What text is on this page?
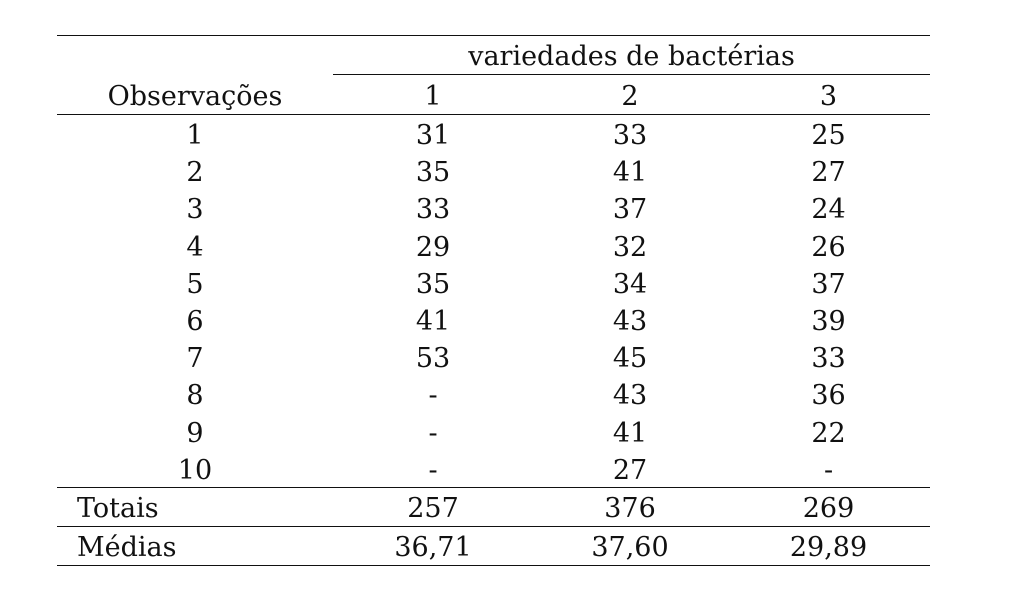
variedades de bactérias
Observações	1	2	3
1	31	33	25
2	35	41	27
3	33	37	24
4	29	32	26
5	35	34	37
6	41	43	39
7	53	45	33
8	-	43	36
9	-	41	22
10	-	27	-
Totais	257	376	269
Médias	36,71	37,60	29,89
